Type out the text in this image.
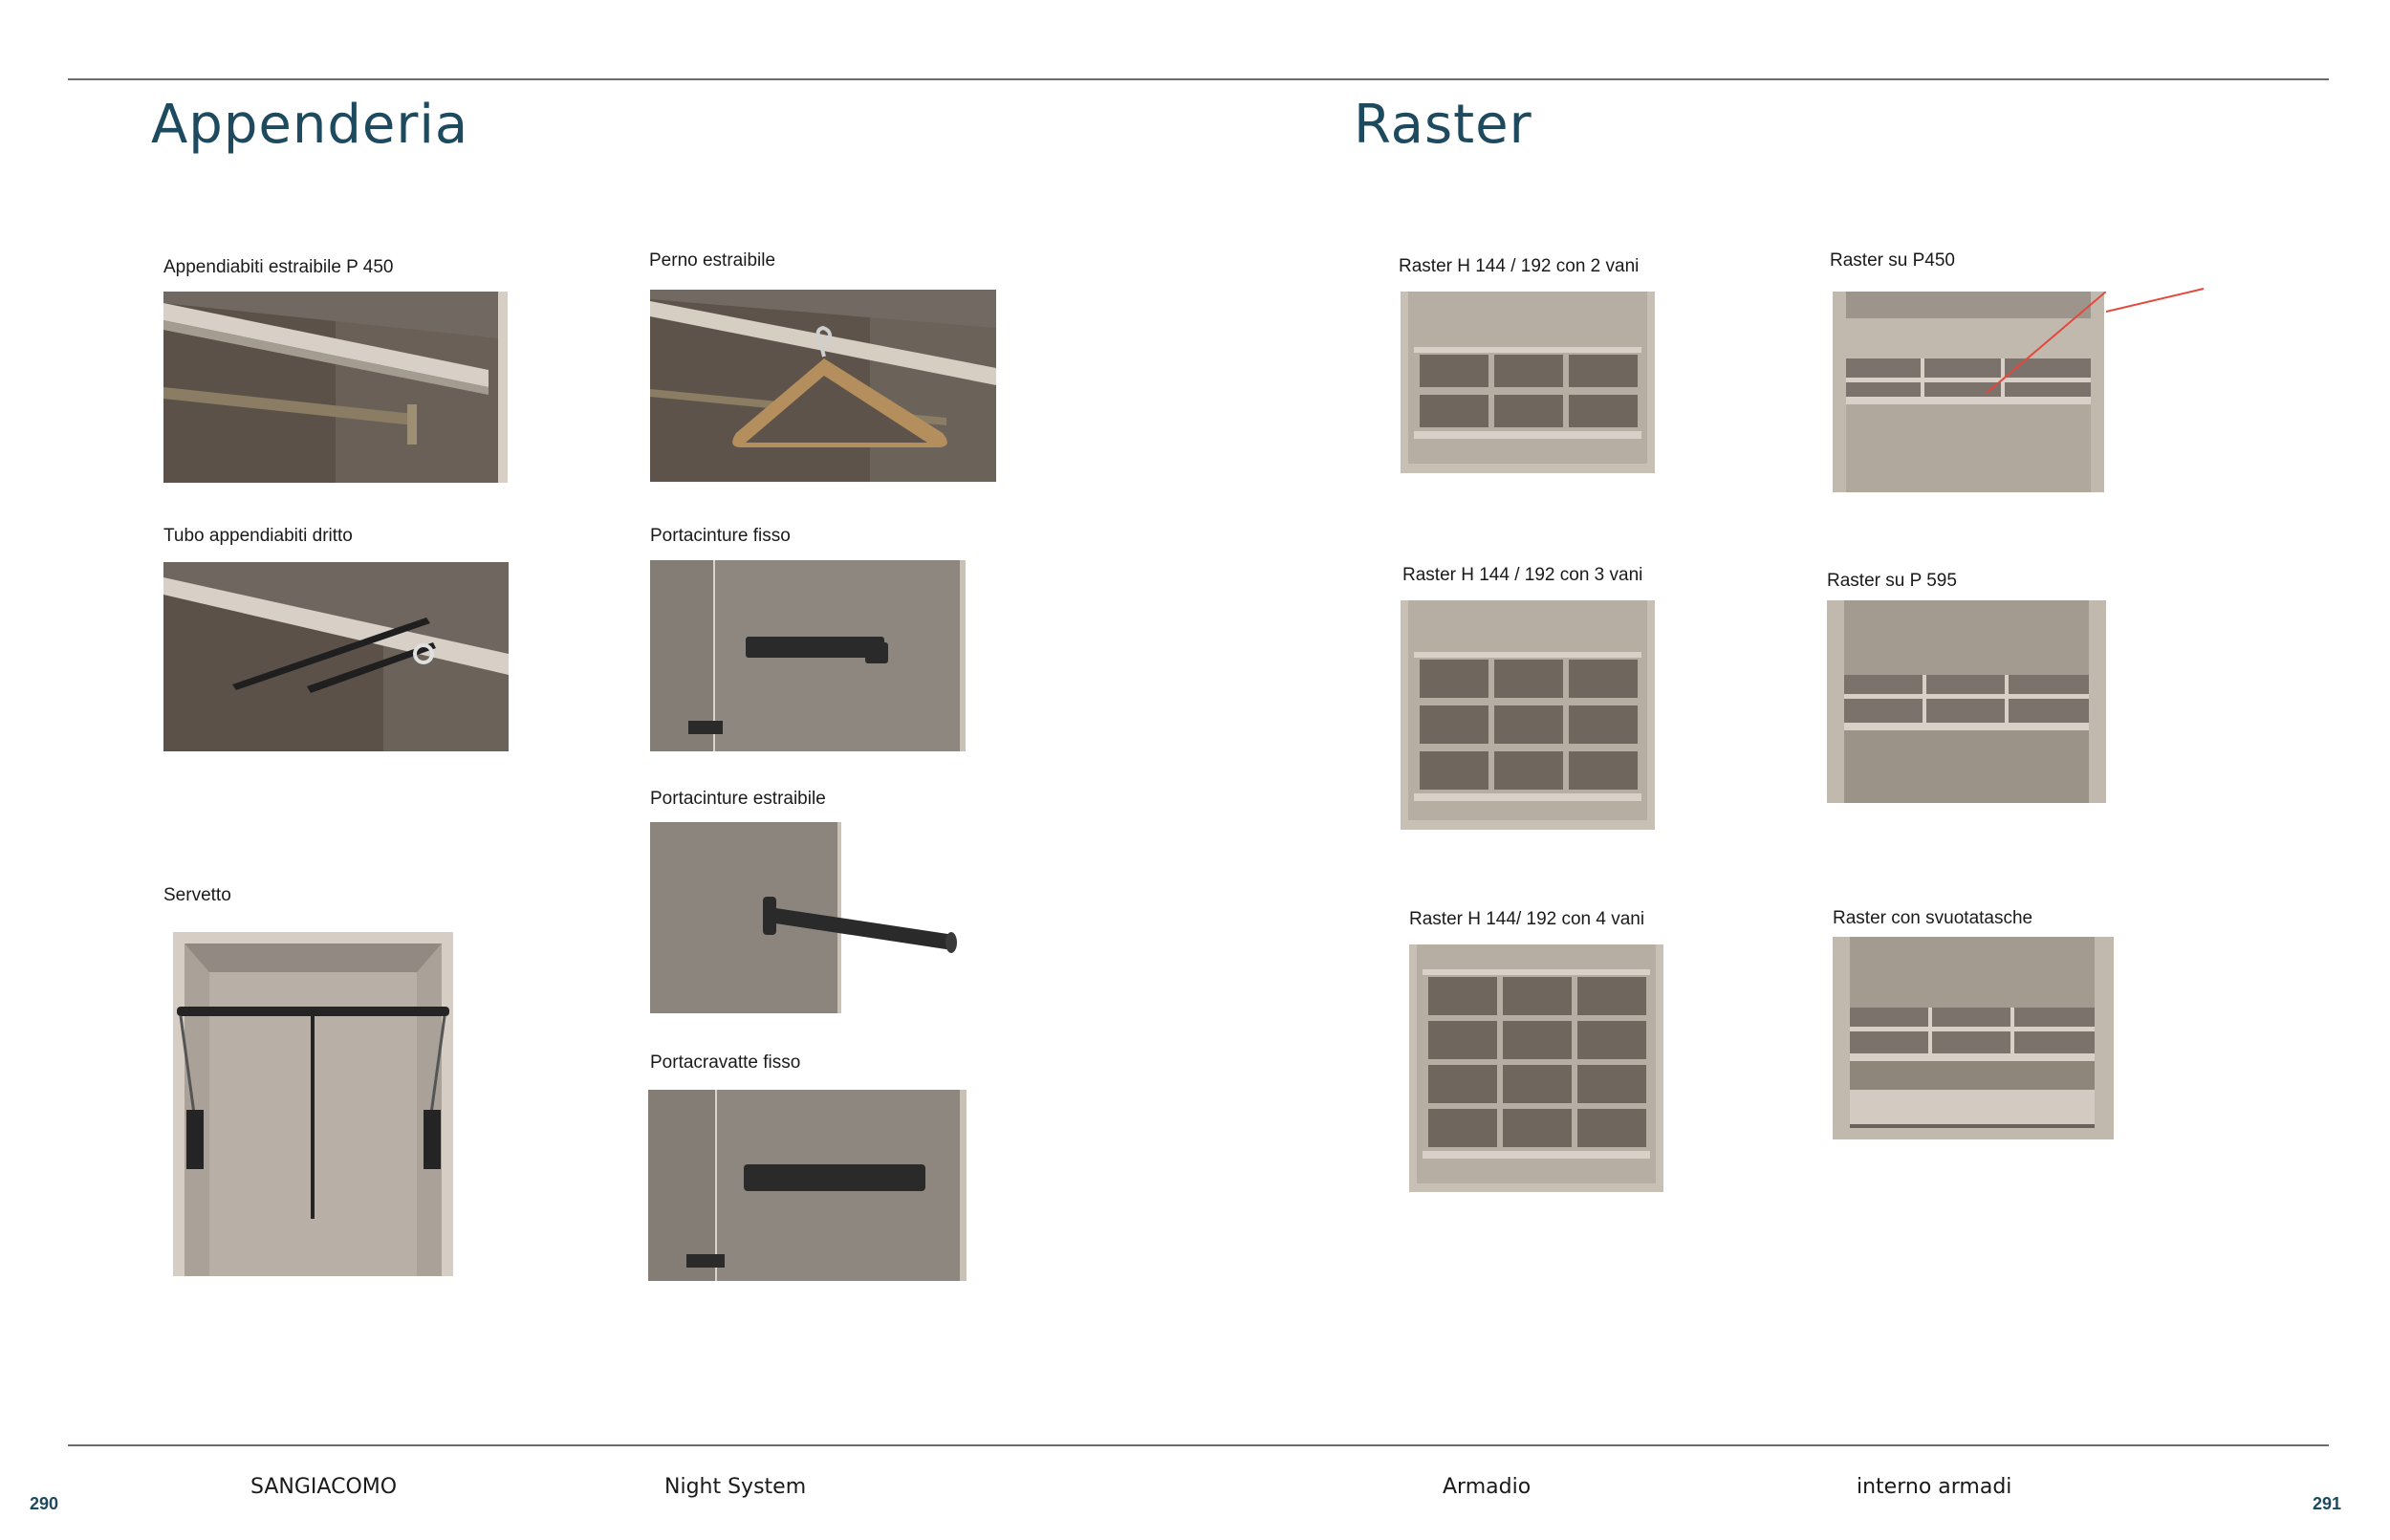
Appenderia
Appendiabiti estraibile P 450	Perno estraibile
Tubo appendiabiti dritto	Portacinture fisso
Portacinture estraibile
Servetto
Portacravatte fisso
Raster
Raster H 144 / 192 con 2 vani	Raster su P450
Raster H 144 / 192 con 3 vani	Raster su P 595
Raster H 144/ 192 con 4 vani	Raster con svuotatasche
290
SANGIACOMO	Night System	Armadio	interno armadi
291
